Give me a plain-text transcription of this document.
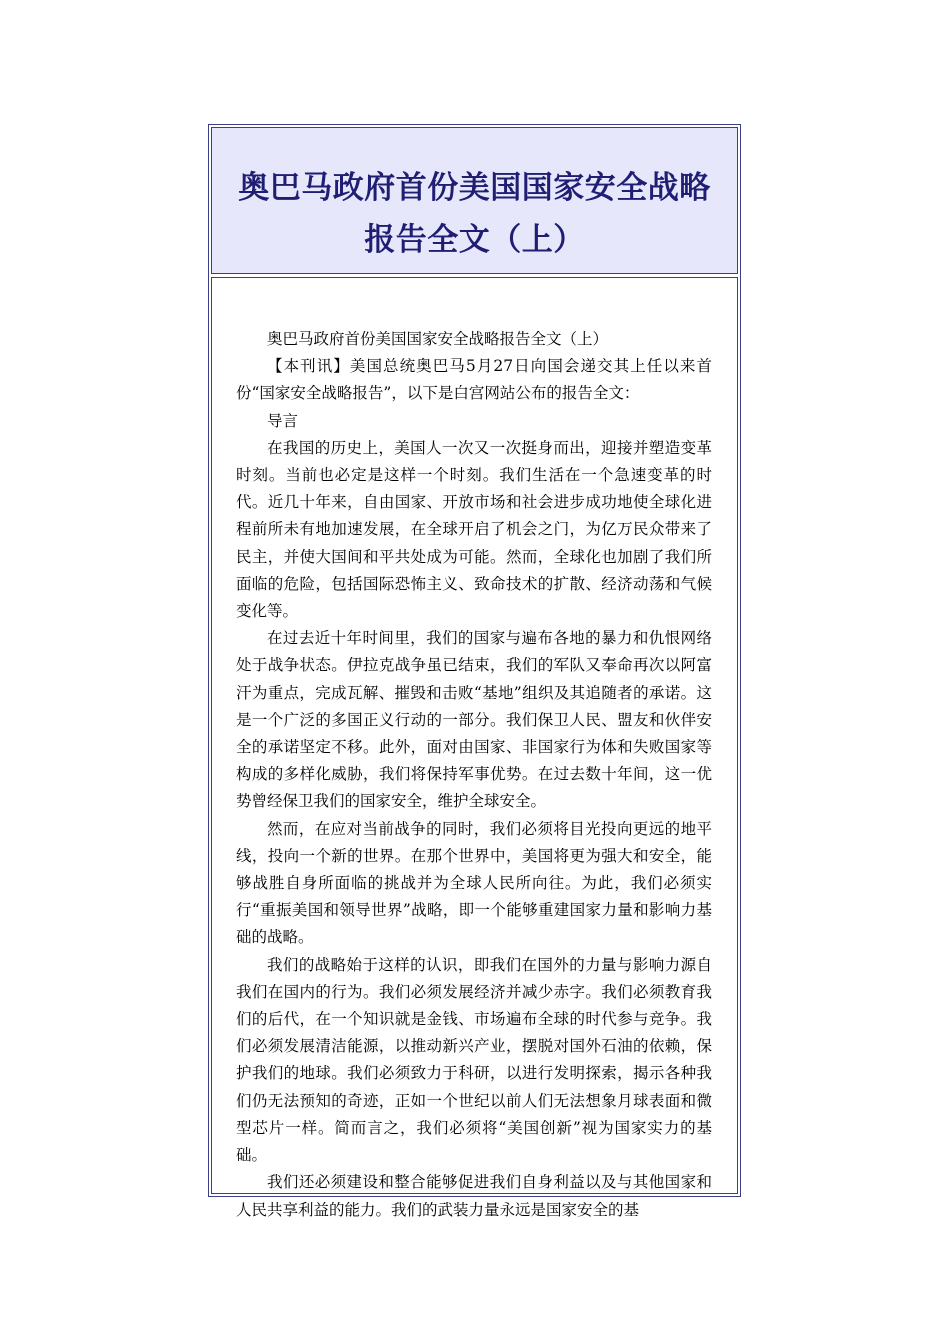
奥巴马政府首份美国国家安全战略
报告全文（上）

奥巴马政府首份美国国家安全战略报告全文（上）

【本刊讯】美国总统奥巴马5月27日向国会递交其上任以来首份“国家安全战略报告”，以下是白宫网站公布的报告全文：

导言

在我国的历史上，美国人一次又一次挺身而出，迎接并塑造变革时刻。当前也必定是这样一个时刻。我们生活在一个急速变革的时代。近几十年来，自由国家、开放市场和社会进步成功地使全球化进程前所未有地加速发展，在全球开启了机会之门，为亿万民众带来了民主，并使大国间和平共处成为可能。然而，全球化也加剧了我们所面临的危险，包括国际恐怖主义、致命技术的扩散、经济动荡和气候变化等。

在过去近十年时间里，我们的国家与遍布各地的暴力和仇恨网络处于战争状态。伊拉克战争虽已结束，我们的军队又奉命再次以阿富汗为重点，完成瓦解、摧毁和击败“基地”组织及其追随者的承诺。这是一个广泛的多国正义行动的一部分。我们保卫人民、盟友和伙伴安全的承诺坚定不移。此外，面对由国家、非国家行为体和失败国家等构成的多样化威胁，我们将保持军事优势。在过去数十年间，这一优势曾经保卫我们的国家安全，维护全球安全。

然而，在应对当前战争的同时，我们必须将目光投向更远的地平线，投向一个新的世界。在那个世界中，美国将更为强大和安全，能够战胜自身所面临的挑战并为全球人民所向往。为此，我们必须实行“重振美国和领导世界”战略，即一个能够重建国家力量和影响力基础的战略。

我们的战略始于这样的认识，即我们在国外的力量与影响力源自我们在国内的行为。我们必须发展经济并减少赤字。我们必须教育我们的后代，在一个知识就是金钱、市场遍布全球的时代参与竞争。我们必须发展清洁能源，以推动新兴产业，摆脱对国外石油的依赖，保护我们的地球。我们必须致力于科研，以进行发明探索，揭示各种我们仍无法预知的奇迹，正如一个世纪以前人们无法想象月球表面和微型芯片一样。简而言之，我们必须将“美国创新”视为国家实力的基础。

我们还必须建设和整合能够促进我们自身利益以及与其他国家和人民共享利益的能力。我们的武装力量永远是国家安全的基
